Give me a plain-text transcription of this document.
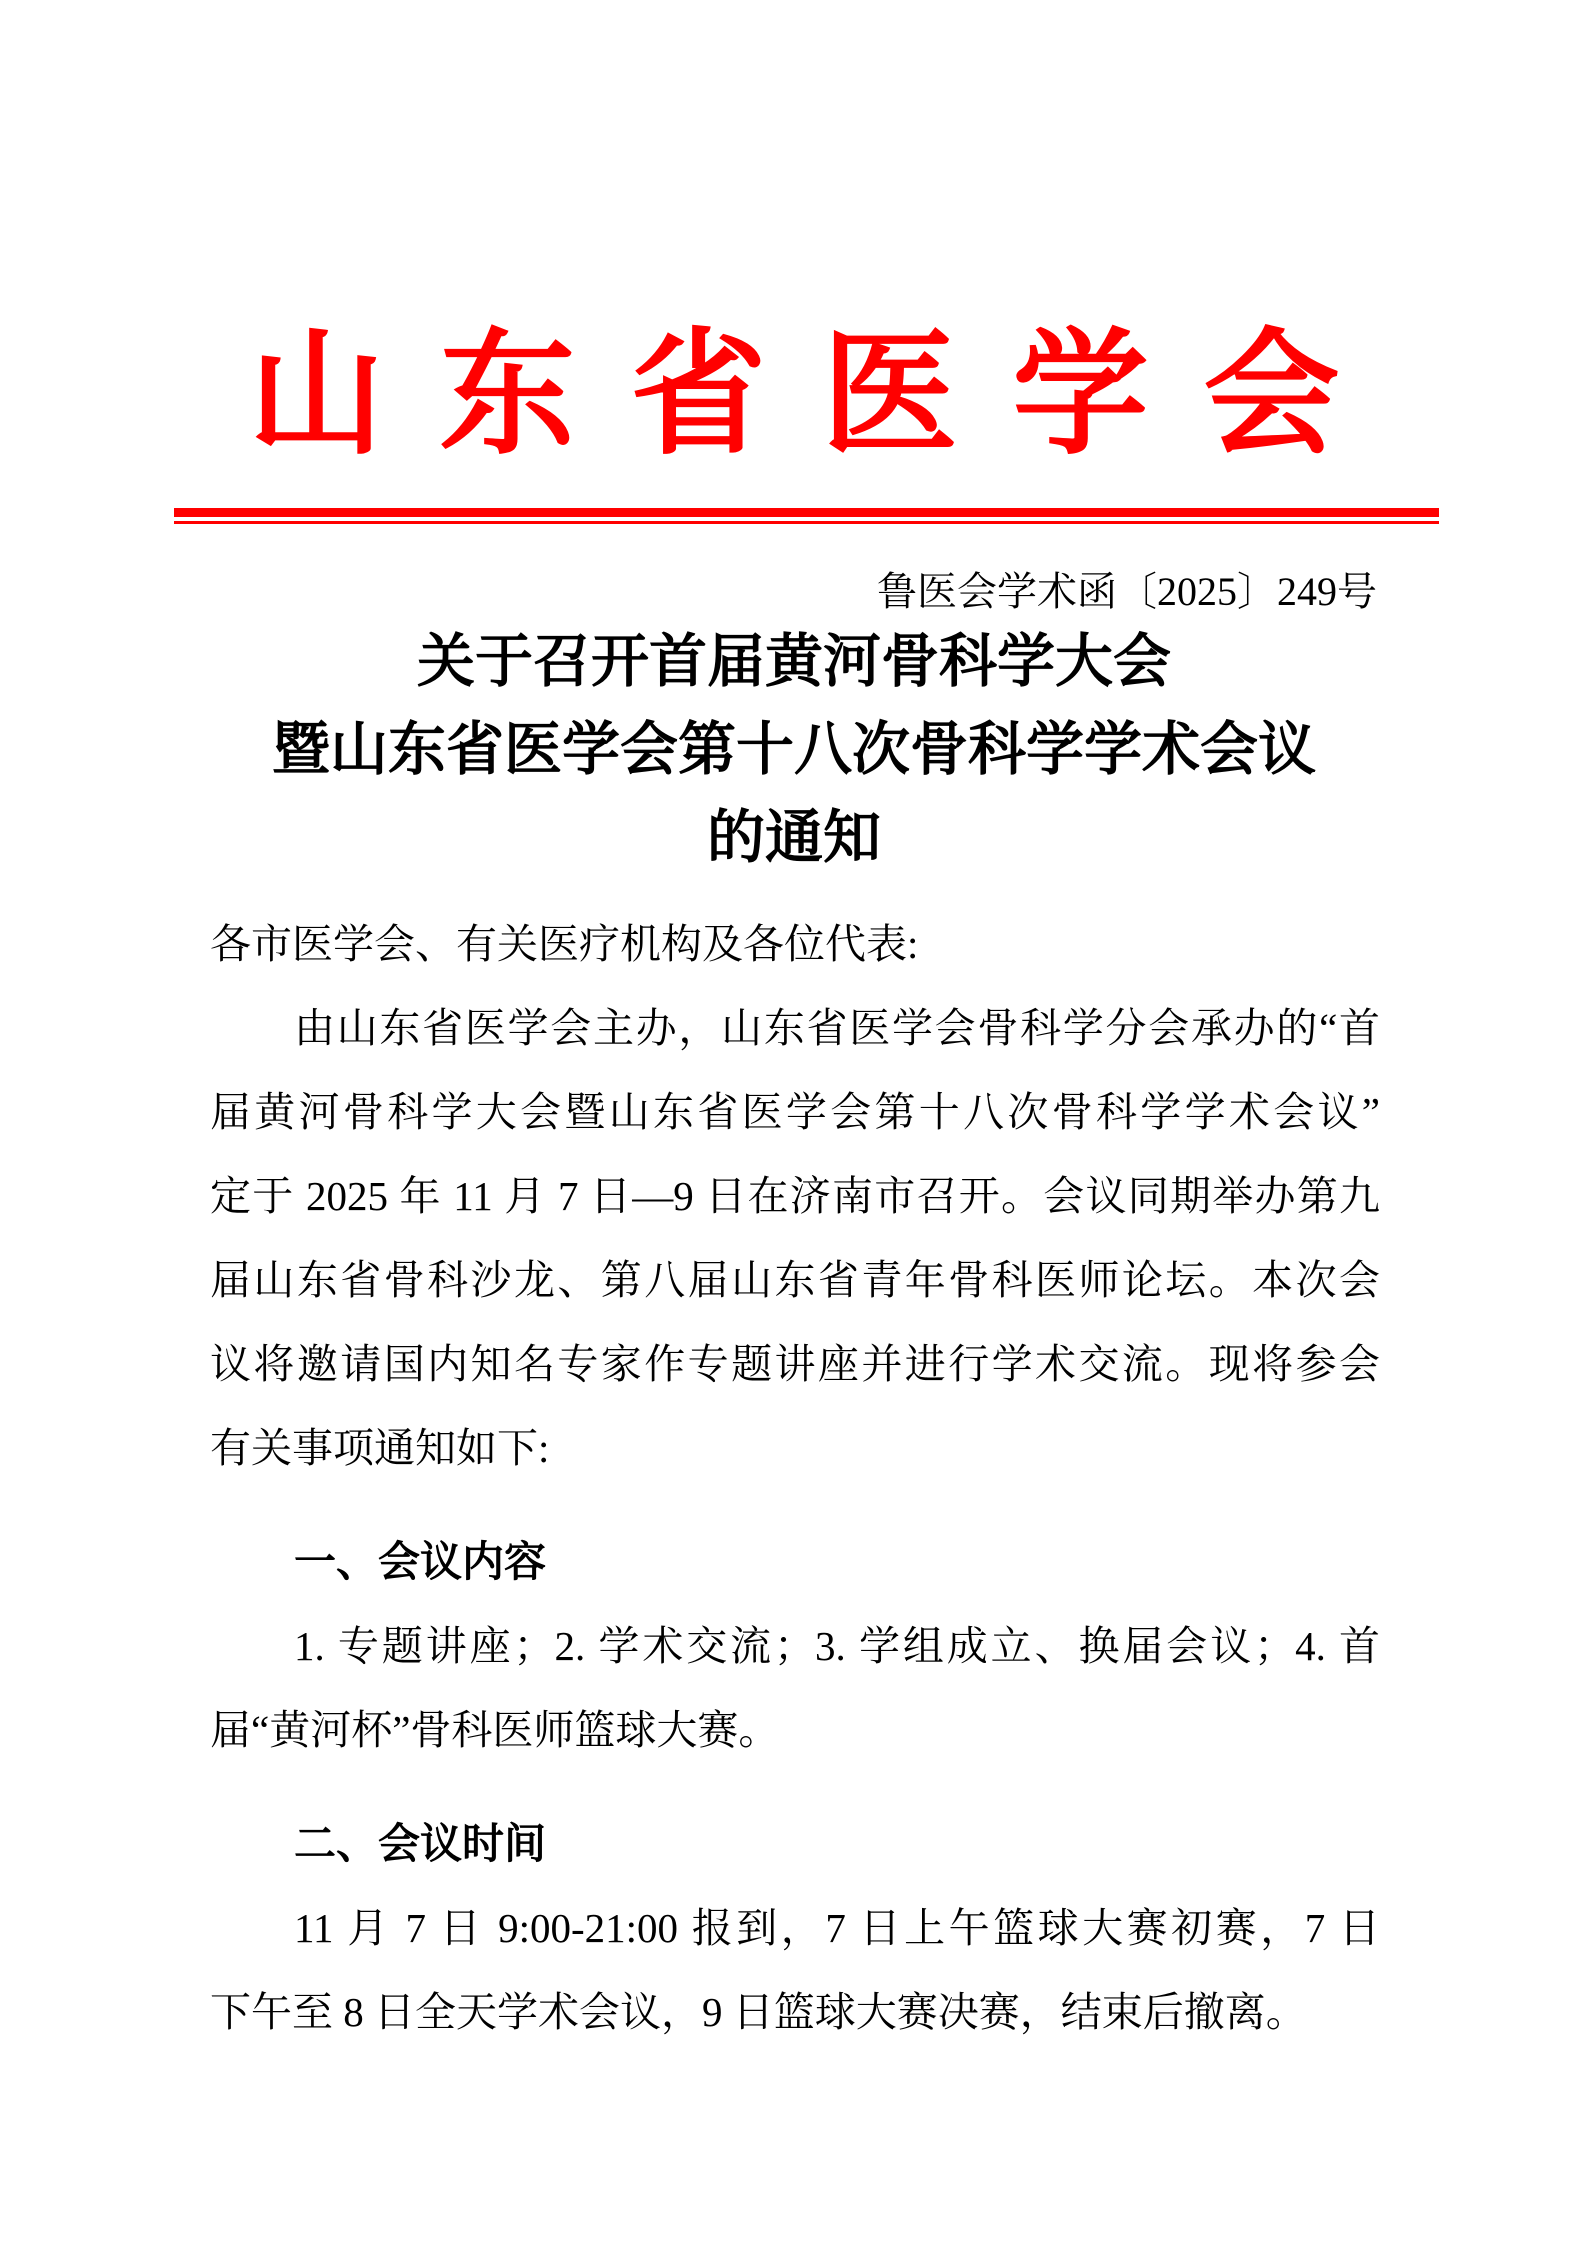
山东省医学会
鲁医会学术函〔2025〕249号
关于召开首届黄河骨科学大会
暨山东省医学会第十八次骨科学学术会议
的通知
各市医学会、有关医疗机构及各位代表:
由山东省医学会主办，山东省医学会骨科学分会承办的“首
届黄河骨科学大会暨山东省医学会第十八次骨科学学术会议”
定于 2025 年 11 月 7 日—9 日在济南市召开。会议同期举办第九
届山东省骨科沙龙、第八届山东省青年骨科医师论坛。本次会
议将邀请国内知名专家作专题讲座并进行学术交流。现将参会
有关事项通知如下:
一、会议内容
1. 专题讲座；2. 学术交流；3. 学组成立、换届会议；4. 首
届“黄河杯”骨科医师篮球大赛。
二、会议时间
11 月 7 日 9:00-21:00 报到，7 日上午篮球大赛初赛，7 日
下午至 8 日全天学术会议，9 日篮球大赛决赛，结束后撤离。
